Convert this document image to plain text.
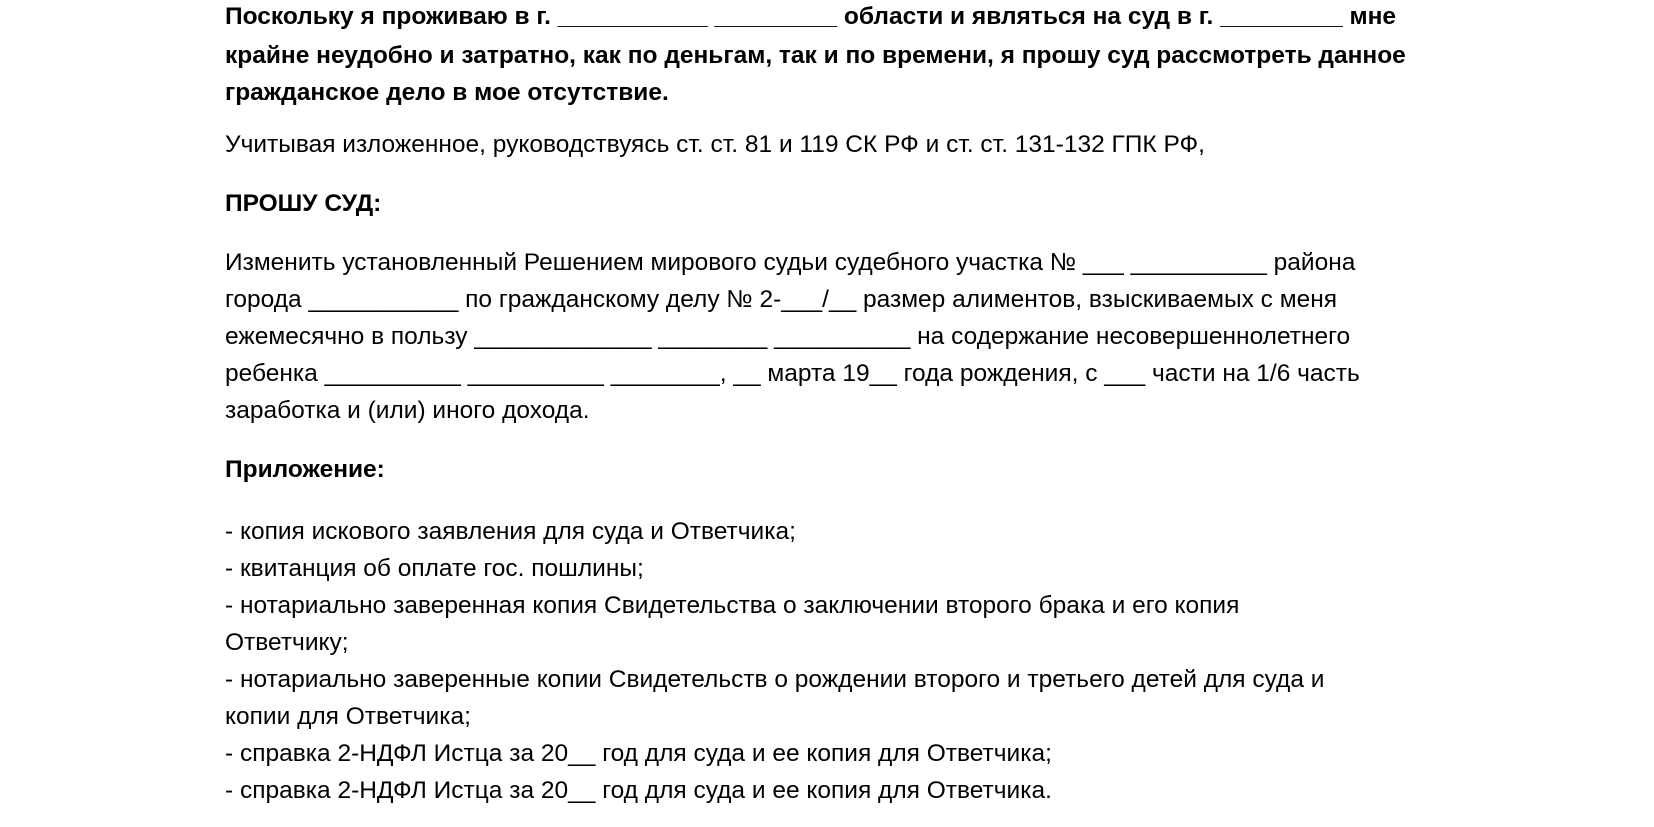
Поскольку я проживаю в г. ___________ _________ области и являться на суд в г. _________ мне

крайне неудобно и затратно, как по деньгам, так и по времени, я прошу суд рассмотреть данное

гражданское дело в мое отсутствие.

Учитывая изложенное, руководствуясь ст. ст. 81 и 119 СК РФ и ст. ст. 131-132 ГПК РФ,

ПРОШУ СУД:

Изменить установленный Решением мирового судьи судебного участка № ___ __________ района

города ___________ по гражданскому делу № 2-___/__ размер алиментов, взыскиваемых с меня

ежемесячно в пользу _____________ ________ __________ на содержание несовершеннолетнего

ребенка __________ __________ ________, __ марта 19__ года рождения, с ___ части на 1/6 часть

заработка и (или) иного дохода.

Приложение:

- копия искового заявления для суда и Ответчика;

- квитанция об оплате гос. пошлины;

- нотариально заверенная копия Свидетельства о заключении второго брака и его копия

Ответчику;

- нотариально заверенные копии Свидетельств о рождении второго и третьего детей для суда и

копии для Ответчика;

- справка 2-НДФЛ Истца за 20__ год для суда и ее копия для Ответчика;

- справка 2-НДФЛ Истца за 20__ год для суда и ее копия для Ответчика.
